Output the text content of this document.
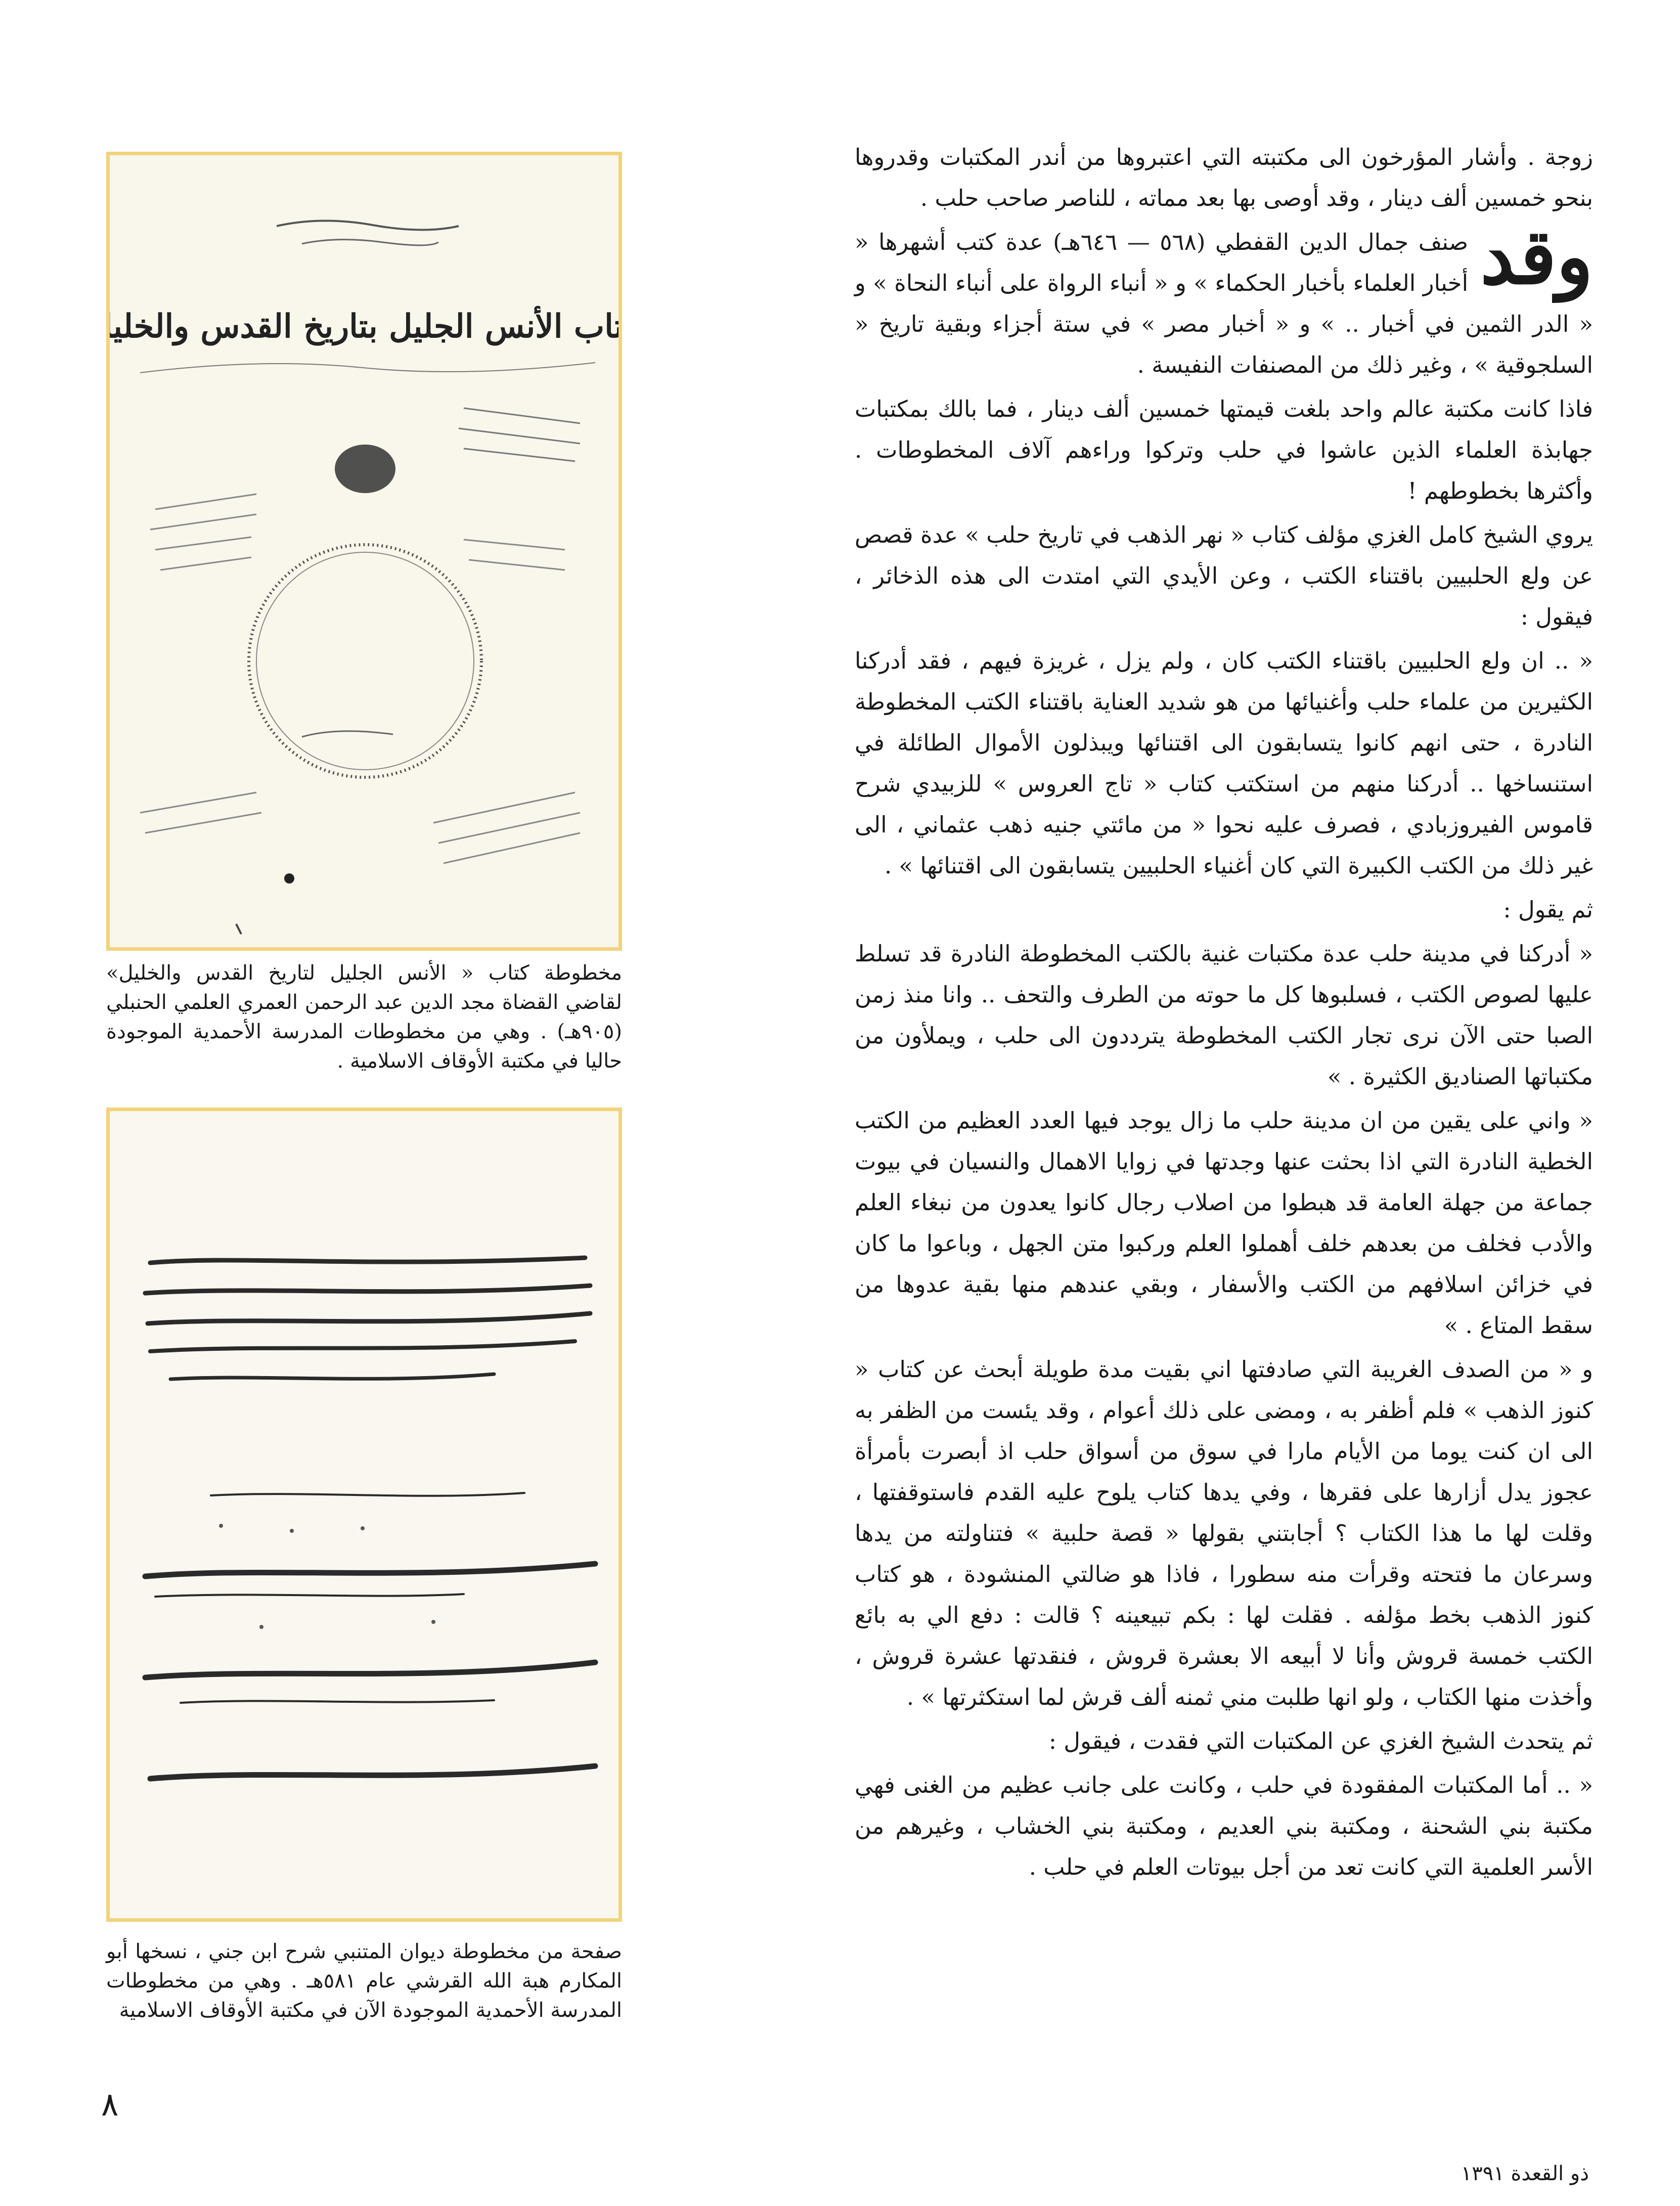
زوجة . وأشار المؤرخون الى مكتبته التي اعتبروها من أندر المكتبات وقدروها بنحو خمسين ألف دينار ، وقد أوصى بها بعد مماته ، للناصر صاحب حلب .

وقد
صنف جمال الدين القفطي (٥٦٨ — ٦٤٦هـ) عدة كتب أشهرها « أخبار العلماء بأخبار الحكماء » و « أنباء الرواة على أنباء النحاة » و « الدر الثمين في أخبار .. » و « أخبار مصر » في ستة أجزاء وبقية تاريخ « السلجوقية » ، وغير ذلك من المصنفات النفيسة .

فاذا كانت مكتبة عالم واحد بلغت قيمتها خمسين ألف دينار ، فما بالك بمكتبات جهابذة العلماء الذين عاشوا في حلب وتركوا وراءهم آلاف المخطوطات . وأكثرها بخطوطهم !

يروي الشيخ كامل الغزي مؤلف كتاب « نهر الذهب في تاريخ حلب » عدة قصص عن ولع الحلبيين باقتناء الكتب ، وعن الأيدي التي امتدت الى هذه الذخائر ، فيقول :

« .. ان ولع الحلبيين باقتناء الكتب كان ، ولم يزل ، غريزة فيهم ، فقد أدركنا الكثيرين من علماء حلب وأغنيائها من هو شديد العناية باقتناء الكتب المخطوطة النادرة ، حتى انهم كانوا يتسابقون الى اقتنائها ويبذلون الأموال الطائلة في استنساخها .. أدركنا منهم من استكتب كتاب « تاج العروس » للزبيدي شرح قاموس الفيروزبادي ، فصرف عليه نحوا « من مائتي جنيه ذهب عثماني ، الى غير ذلك من الكتب الكبيرة التي كان أغنياء الحلبيين يتسابقون الى اقتنائها » .

ثم يقول :

« أدركنا في مدينة حلب عدة مكتبات غنية بالكتب المخطوطة النادرة قد تسلط عليها لصوص الكتب ، فسلبوها كل ما حوته من الطرف والتحف .. وانا منذ زمن الصبا حتى الآن نرى تجار الكتب المخطوطة يترددون الى حلب ، ويملأون من مكتباتها الصناديق الكثيرة . »

« واني على يقين من ان مدينة حلب ما زال يوجد فيها العدد العظيم من الكتب الخطية النادرة التي اذا بحثت عنها وجدتها في زوايا الاهمال والنسيان في بيوت جماعة من جهلة العامة قد هبطوا من اصلاب رجال كانوا يعدون من نبغاء العلم والأدب فخلف من بعدهم خلف أهملوا العلم وركبوا متن الجهل ، وباعوا ما كان في خزائن اسلافهم من الكتب والأسفار ، وبقي عندهم منها بقية عدوها من سقط المتاع . »

و « من الصدف الغريبة التي صادفتها اني بقيت مدة طويلة أبحث عن كتاب « كنوز الذهب » فلم أظفر به ، ومضى على ذلك أعوام ، وقد يئست من الظفر به الى ان كنت يوما من الأيام مارا في سوق من أسواق حلب اذ أبصرت بأمرأة عجوز يدل أزارها على فقرها ، وفي يدها كتاب يلوح عليه القدم فاستوقفتها ، وقلت لها ما هذا الكتاب ؟ أجابتني بقولها « قصة حلبية » فتناولته من يدها وسرعان ما فتحته وقرأت منه سطورا ، فاذا هو ضالتي المنشودة ، هو كتاب كنوز الذهب بخط مؤلفه . فقلت لها : بكم تبيعينه ؟ قالت : دفع الي به بائع الكتب خمسة قروش وأنا لا أبيعه الا بعشرة قروش ، فنقدتها عشرة قروش ، وأخذت منها الكتاب ، ولو انها طلبت مني ثمنه ألف قرش لما استكثرتها » .

ثم يتحدث الشيخ الغزي عن المكتبات التي فقدت ، فيقول :

« .. أما المكتبات المفقودة في حلب ، وكانت على جانب عظيم من الغنى فهي مكتبة بني الشحنة ، ومكتبة بني العديم ، ومكتبة بني الخشاب ، وغيرهم من الأسر العلمية التي كانت تعد من أجل بيوتات العلم في حلب .

كتاب الأنس الجليل بتاريخ القدس والخليل
مخطوطة كتاب « الأنس الجليل لتاريخ القدس والخليل» لقاضي القضاة مجد الدين عبد الرحمن العمري العلمي الحنبلي (٩٠٥هـ) . وهي من مخطوطات المدرسة الأحمدية الموجودة حاليا في مكتبة الأوقاف الاسلامية .
صفحة من مخطوطة ديوان المتنبي شرح ابن جني ، نسخها أبو المكارم هبة الله القرشي عام ٥٨١هـ . وهي من مخطوطات المدرسة الأحمدية الموجودة الآن في مكتبة الأوقاف الاسلامية
٨
ذو القعدة ١٣٩١
